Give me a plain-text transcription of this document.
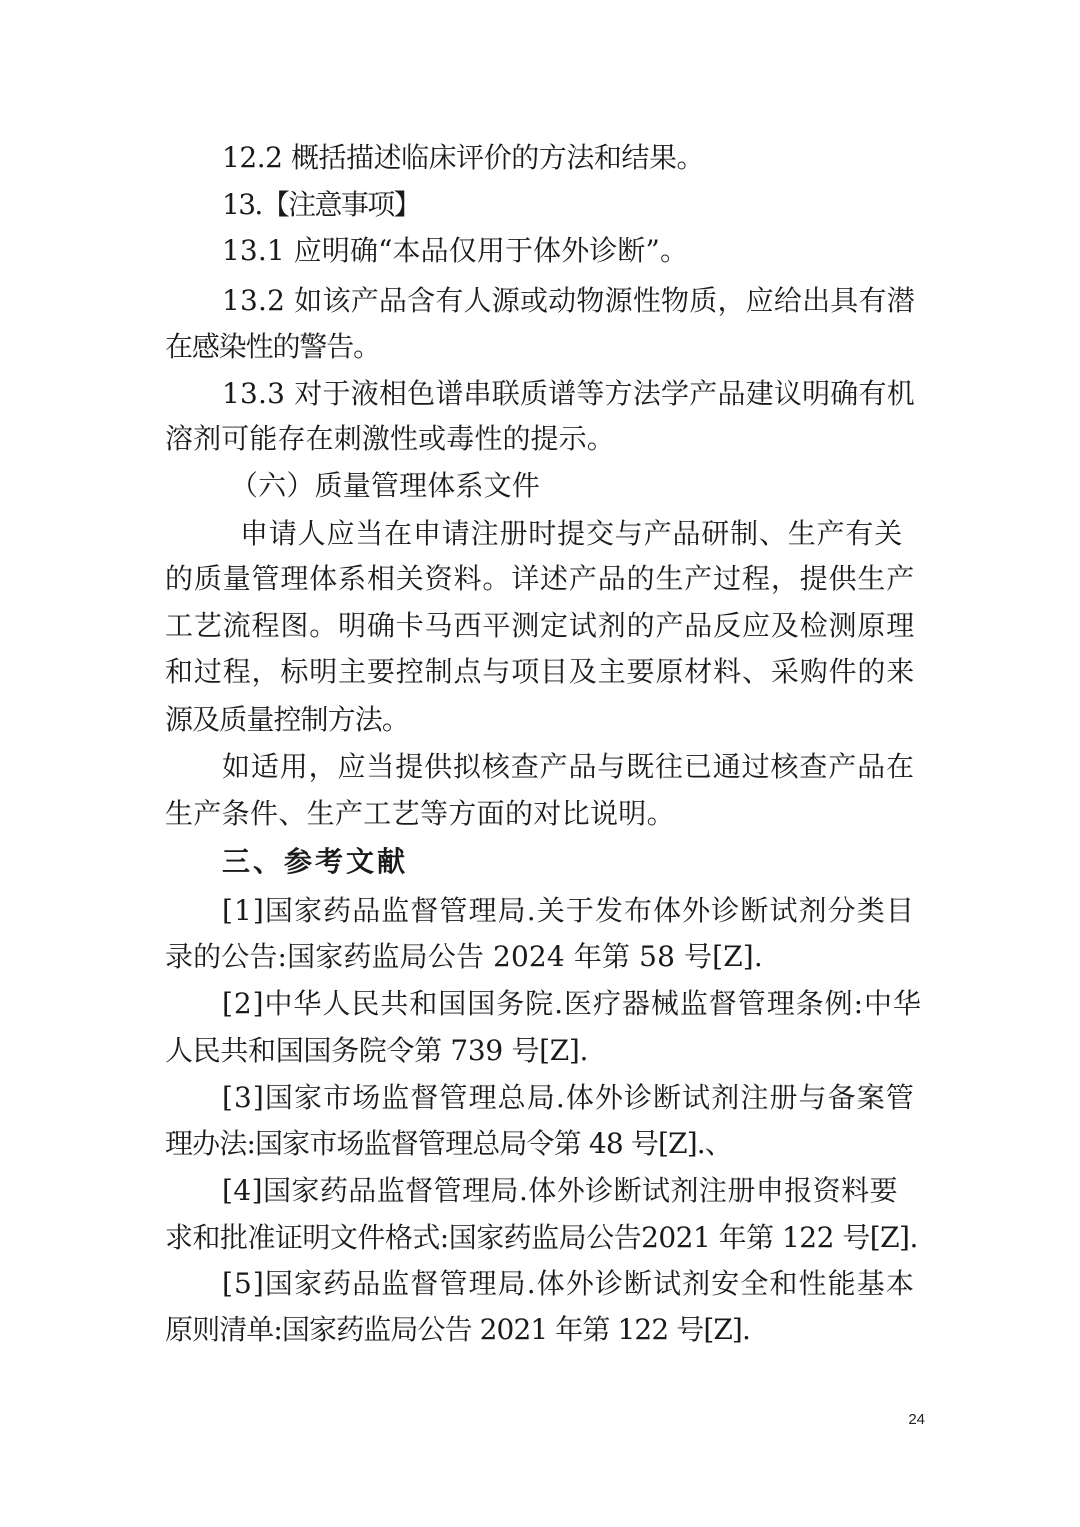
12.2 概括描述临床评价的方法和结果。
13.【注意事项】
13.1 应明确“本品仅用于体外诊断”。
13.2 如该产品含有人源或动物源性物质，应给出具有潜
在感染性的警告。
13.3 对于液相色谱串联质谱等方法学产品建议明确有机
溶剂可能存在刺激性或毒性的提示。
（六）质量管理体系文件
申请人应当在申请注册时提交与产品研制、生产有关
的质量管理体系相关资料。详述产品的生产过程，提供生产
工艺流程图。明确卡马西平测定试剂的产品反应及检测原理
和过程，标明主要控制点与项目及主要原材料、采购件的来
源及质量控制方法。
如适用，应当提供拟核查产品与既往已通过核查产品在
生产条件、生产工艺等方面的对比说明。
三、参考文献
[1]国家药品监督管理局.关于发布体外诊断试剂分类目
录的公告:国家药监局公告 2024 年第 58 号[Z].
[2]中华人民共和国国务院.医疗器械监督管理条例:中华
人民共和国国务院令第 739 号[Z].
[3]国家市场监督管理总局.体外诊断试剂注册与备案管
理办法:国家市场监督管理总局令第 48 号[Z].、
[4]国家药品监督管理局.体外诊断试剂注册申报资料要
求和批准证明文件格式:国家药监局公告2021 年第 122 号[Z].
[5]国家药品监督管理局.体外诊断试剂安全和性能基本
原则清单:国家药监局公告 2021 年第 122 号[Z].
24
